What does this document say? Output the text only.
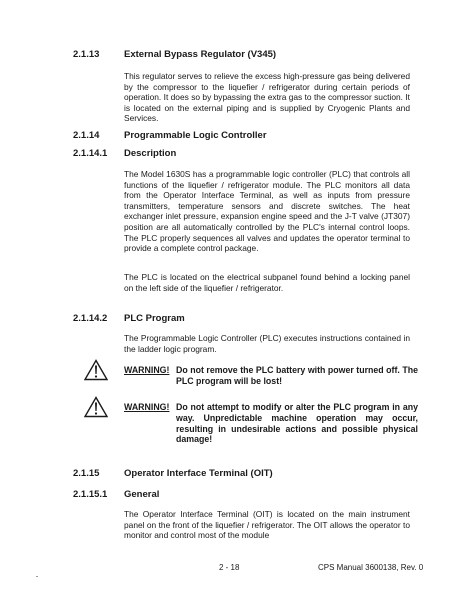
2.1.13	External Bypass Regulator (V345)

This regulator serves to relieve the excess high-pressure gas being delivered by the compressor to the liquefier / refrigerator during certain periods of operation. It does so by bypassing the extra gas to the compressor suction. It is located on the external piping and is supplied by Cryogenic Plants and Services.

2.1.14	Programmable Logic Controller
2.1.14.1 Description

The Model 1630S has a programmable logic controller (PLC) that controls all functions of the liquefier / refrigerator module. The PLC monitors all data from the Operator Interface Terminal, as well as inputs from pressure transmitters, temperature sensors and discrete switches. The heat exchanger inlet pressure, expansion engine speed and the J-T valve (JT307) position are all automatically controlled by the PLC's internal control loops. The PLC properly sequences all valves and updates the operator terminal to provide a complete control package.

The PLC is located on the electrical subpanel found behind a locking panel on the left side of the liquefier / refrigerator.

2.1.14.2 PLC Program

The Programmable Logic Controller (PLC) executes instructions contained in the ladder logic program.

WARNING! Do not remove the PLC battery with power turned off. The PLC program will be lost!

WARNING! Do not attempt to modify or alter the PLC program in any way. Unpredictable machine operation may occur, resulting in undesirable actions and possible physical damage!

2.1.15	Operator Interface Terminal (OIT)
2.1.15.1 General

The Operator Interface Terminal (OIT) is located on the main instrument panel on the front of the liquefier / refrigerator. The OIT allows the operator to monitor and control most of the module

2 - 18	CPS Manual 3600138, Rev. 0
